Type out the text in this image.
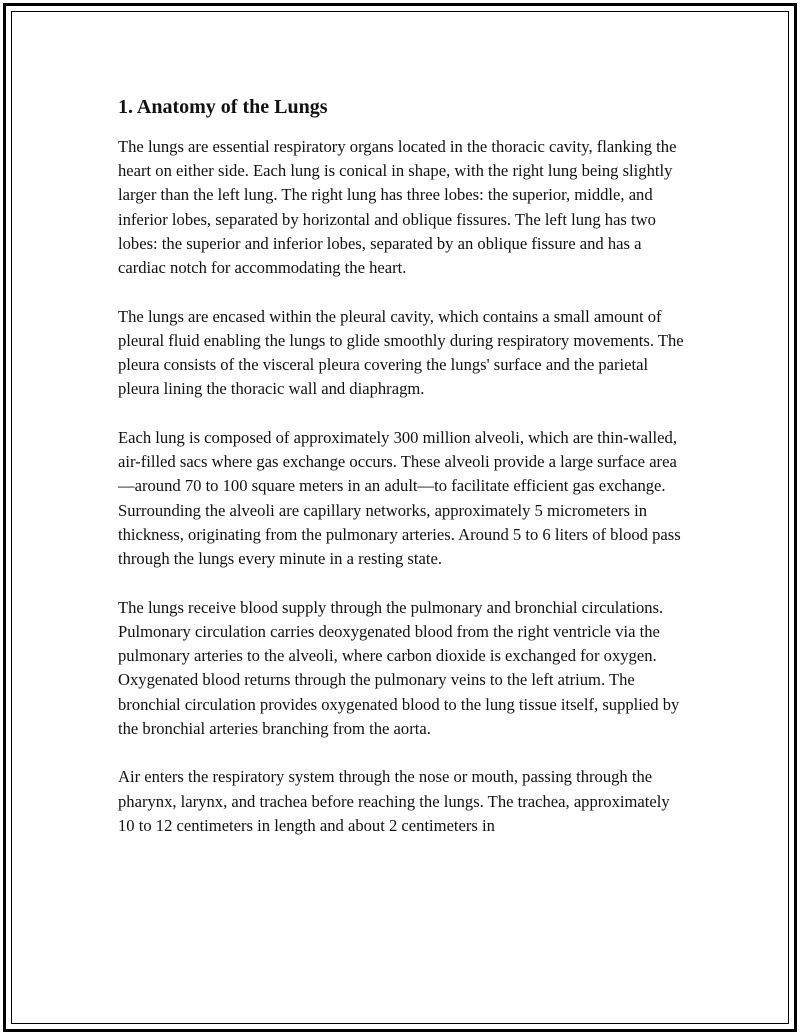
1. Anatomy of the Lungs

The lungs are essential respiratory organs located in the thoracic cavity, flanking the heart on either side. Each lung is conical in shape, with the right lung being slightly larger than the left lung. The right lung has three lobes: the superior, middle, and inferior lobes, separated by horizontal and oblique fissures. The left lung has two lobes: the superior and inferior lobes, separated by an oblique fissure and has a cardiac notch for accommodating the heart.

The lungs are encased within the pleural cavity, which contains a small amount of pleural fluid enabling the lungs to glide smoothly during respiratory movements. The pleura consists of the visceral pleura covering the lungs' surface and the parietal pleura lining the thoracic wall and diaphragm.

Each lung is composed of approximately 300 million alveoli, which are thin-walled, air-filled sacs where gas exchange occurs. These alveoli provide a large surface area—around 70 to 100 square meters in an adult—to facilitate efficient gas exchange. Surrounding the alveoli are capillary networks, approximately 5 micrometers in thickness, originating from the pulmonary arteries. Around 5 to 6 liters of blood pass through the lungs every minute in a resting state.

The lungs receive blood supply through the pulmonary and bronchial circulations. Pulmonary circulation carries deoxygenated blood from the right ventricle via the pulmonary arteries to the alveoli, where carbon dioxide is exchanged for oxygen. Oxygenated blood returns through the pulmonary veins to the left atrium. The bronchial circulation provides oxygenated blood to the lung tissue itself, supplied by the bronchial arteries branching from the aorta.

Air enters the respiratory system through the nose or mouth, passing through the pharynx, larynx, and trachea before reaching the lungs. The trachea, approximately 10 to 12 centimeters in length and about 2 centimeters in
